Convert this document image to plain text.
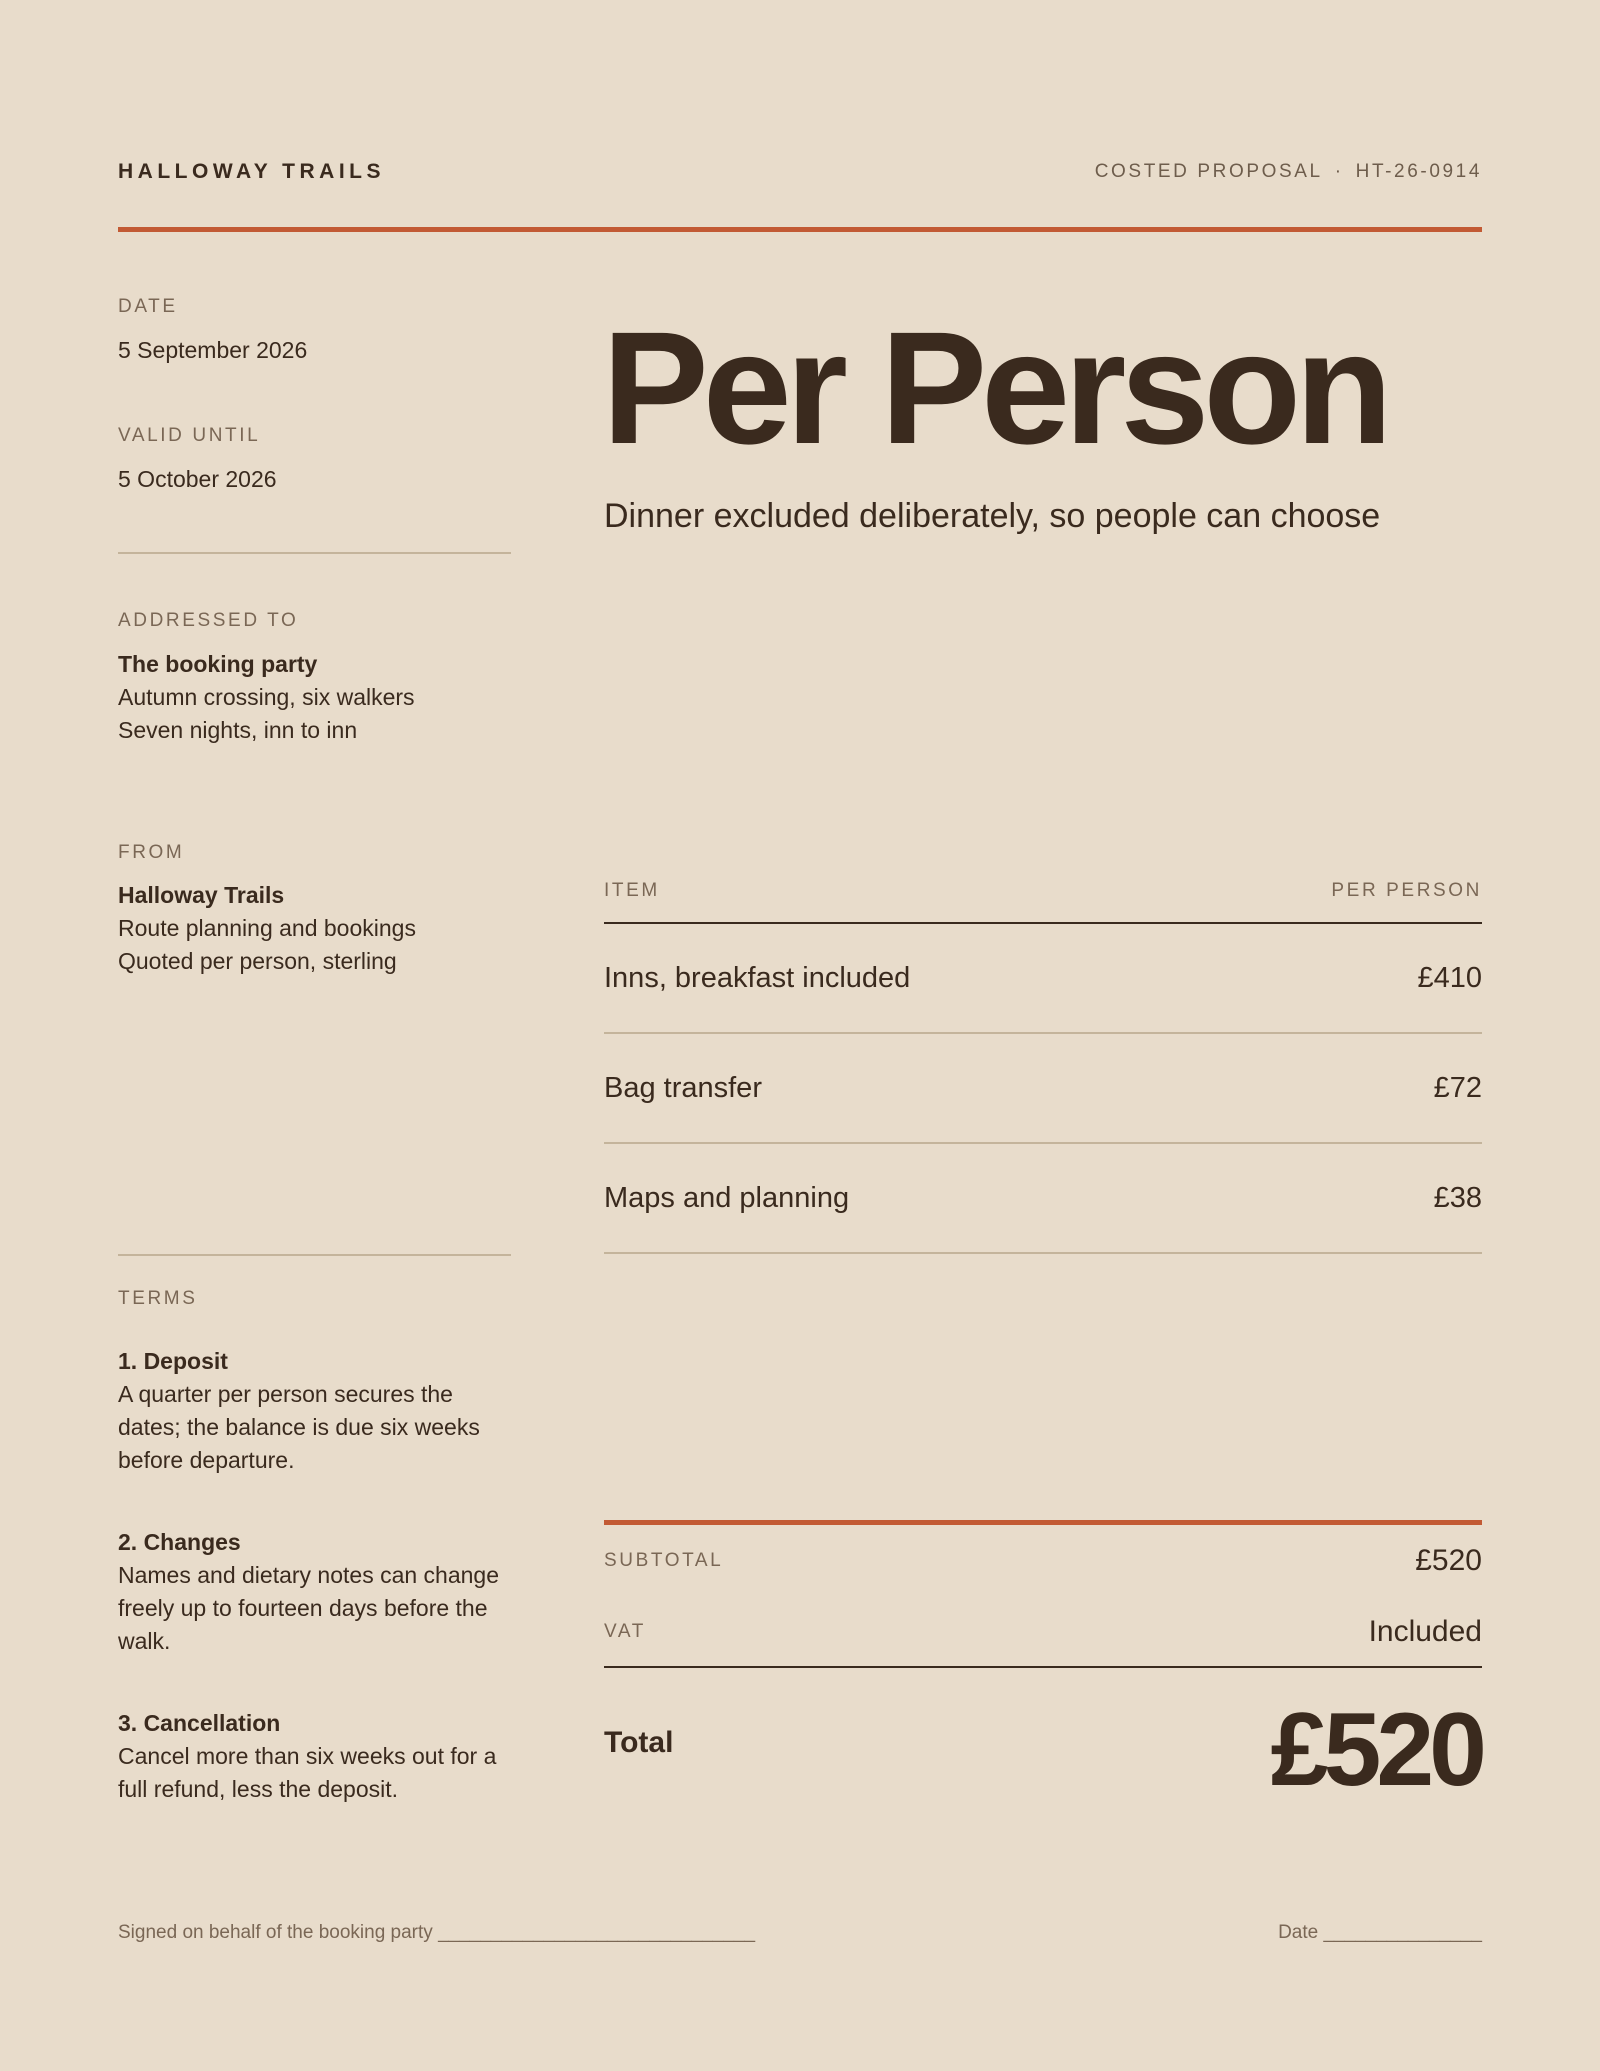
HALLOWAY TRAILS	COSTED PROPOSAL · HT-26-0914
DATE
5 September 2026
VALID UNTIL
5 October 2026
ADDRESSED TO
The booking party
Autumn crossing, six walkers
Seven nights, inn to inn
FROM
Halloway Trails
Route planning and bookings
Quoted per person, sterling
TERMS
1. Deposit
A quarter per person secures the
dates; the balance is due six weeks
before departure.
2. Changes
Names and dietary notes can change
freely up to fourteen days before the
walk.
3. Cancellation
Cancel more than six weeks out for a
full refund, less the deposit.
Per Person
Dinner excluded deliberately, so people can choose
ITEM	PER PERSON
Inns, breakfast included	£410
Bag transfer	£72
Maps and planning	£38
SUBTOTAL	£520
VAT	Included
Total	£520
Signed on behalf of the booking party ______________________________	Date _______________
